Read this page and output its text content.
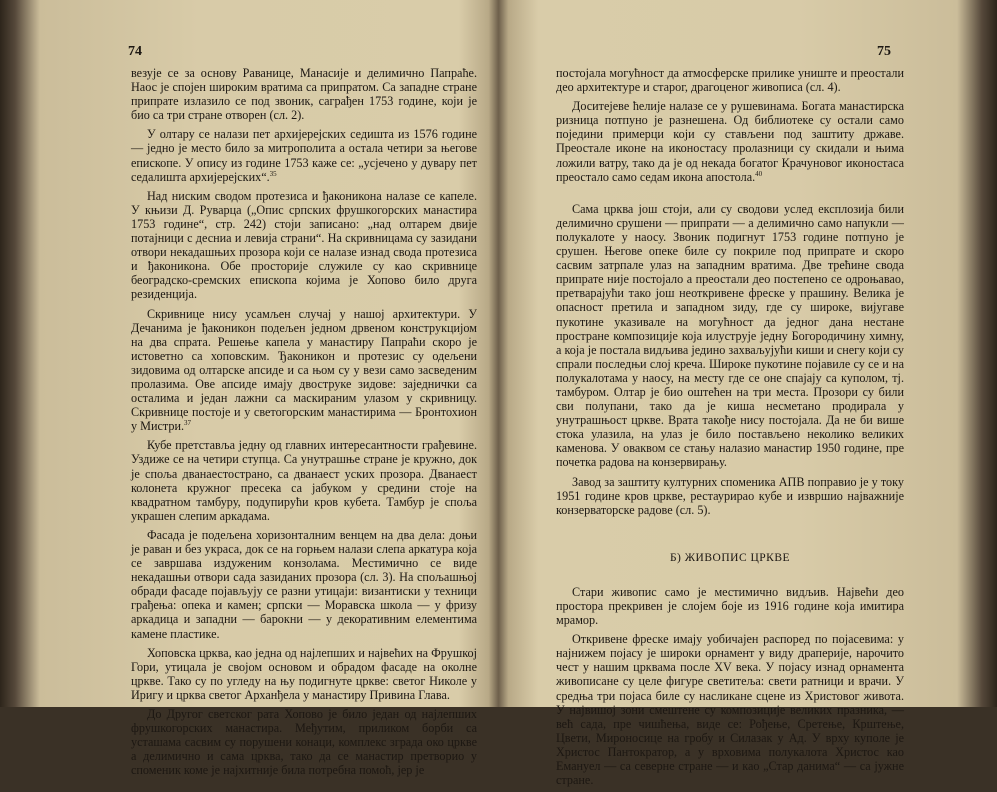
74

везује се за основу Раванице, Манасије и делимично Папраће. Наос је спојен широким вратима са припратом. Са западне стране припрате излазило се под звоник, саграђен 1753 године, који је био са три стране отворен (сл. 2).

У олтару се налази пет архијерејских седишта из 1576 године — једно је место било за митрополита а остала четири за његове епископе. У опису из године 1753 каже се: „усјечено у дувару пет седалишта архијерејских“.$^{35}$

Над ниским сводом протезиса и ђаконикона налазе се капеле. У књизи Д. Руварца („Опис српских фрушкогорских манастира 1753 године“, стр. 242) стоји записано: „над олтарем двије потајници с десниа и левија страни“. На скривницама су зазидани отвори некадашњих прозора који се налазе изнад свода протезиса и ђаконикона. Обе просторије служиле су као скривнице београдско-сремских епископа којима је Хопово било друга резиденција.

Скривнице нису усамљен случај у нашој архитектури. У Дечанима је ђаконикон подељен једном дрвеном конструкцијом на два спрата. Решење капела у манастиру Папраћи скоро је истоветно са хоповским. Ђаконикон и протезис су одељени зидовима од олтарске апсиде и са њом су у вези само засведеним пролазима. Ове апсиде имају двоструке зидове: заједнички са осталима и један лажни са маскираним улазом у скривницу. Скривнице постоје и у светогорским манастирима — Бронтохион у Мистри.$^{37}$

Кубе претставља једну од главних интересантности грађевине. Уздиже се на четири ступца. Са унутрашње стране је кружно, док је споља дванаестострано, са дванаест уских прозора. Дванаест колонета кружног пресека са јабуком у средини стоје на квадратном тамбуру, подупирући кров кубета. Тамбур је споља украшен слепим аркадама.

Фасада је подељена хоризонталним венцем на два дела: доњи је раван и без украса, док се на горњем налази слепа аркатура која се завршава издуженим конзолама. Местимично се виде некадашњи отвори сада зазиданих прозора (сл. 3). На спољашњој обради фасаде појављују се разни утицаји: византиски у техници грађења: опека и камен; српски — Моравска школа — у фризу аркадица и западни — барокни — у декоративним елементима камене пластике.

Хоповска црква, као једна од најлепших и највећих на Фрушкој Гори, утицала је својом основом и обрадом фасаде на околне цркве. Тако су по угледу на њу подигнуте цркве: светог Николе у Иригу и црква светог Арханђела у манастиру Привина Глава.

До Другог светског рата Хопово је било један од најлепших фрушкогорских манастира. Међутим, приликом борби са усташама сасвим су порушени конаци, комплекс зграда око цркве а делимично и сама црква, тако да се манастир претворио у споменик коме је најхитније била потребна помоћ, јер је

75

постојала могућност да атмосферске прилике униште и преостали део архитектуре и старог, драгоценог живописа (сл. 4).

Доситејеве ћелије налазе се у рушевинама. Богата манастирска ризница потпуно је разнешена. Од библиотеке су остали само поједини примерци који су стављени под заштиту државе. Преостале иконе на иконостасу пролазници су скидали и њима ложили ватру, тако да је од некада богатог Крачуновог иконостаса преостало само седам икона апостола.$^{40}$

Сама црква још стоји, али су сводови услед експлозија били делимично срушени — припрати — а делимично само напукли — полукалоте у наосу. Звоник подигнут 1753 године потпуно је срушен. Његове опеке биле су покриле под припрате и скоро сасвим затрпале улаз на западним вратима. Две трећине свода припрате није постојало а преостали део постепено се одроњавао, претварајући тако још неоткривене фреске у прашину. Велика је опасност претила и западном зиду, где су широке, вијугаве пукотине указивале на могућност да једног дана нестане простране композиције која илуструје једну Богородичину химну, а која је постала видљива једино захваљујући киши и снегу који су спрали последњи слој креча. Широке пукотине појавиле су се и на полукалотама у наосу, на месту где се оне спајају са куполом, тј. тамбуром. Олтар је био оштећен на три места. Прозори су били сви полупани, тако да је киша несметано продирала у унутрашњост цркве. Врата такође нису постојала. Да не би више стока улазила, на улаз је било постављено неколико великих каменова. У оваквом се стању налазио манастир 1950 године, пре почетка радова на конзервирању.

Завод за заштиту културних споменика АПВ поправио је у току 1951 године кров цркве, рестаурирао кубе и извршио најважније конзерваторске радове (сл. 5).

Б) ЖИВОПИС ЦРКВЕ

Стари живопис само је местимично видљив. Највећи део простора прекривен је слојем боје из 1916 године која имитира мрамор.

Откривене фреске имају уобичајен распоред по појасевима: у најнижем појасу је широки орнамент у виду драперије, нарочито чест у нашим црквама после XV века. У појасу изнад орнамента живописане су целе фигуре светитеља: свети ратници и врачи. У средња три појаса биле су насликане сцене из Христовог живота. У највишој зони смештене су композиције великих празника, — већ сада, пре чишћења, виде се: Рођење, Сретење, Крштење, Цвети, Мироносице на гробу и Силазак у Ад. У врху куполе је Христос Пантократор, а у врховима полукалота Христос као Емануел — са северне стране — и као „Стар данима“ — са јужне стране.
